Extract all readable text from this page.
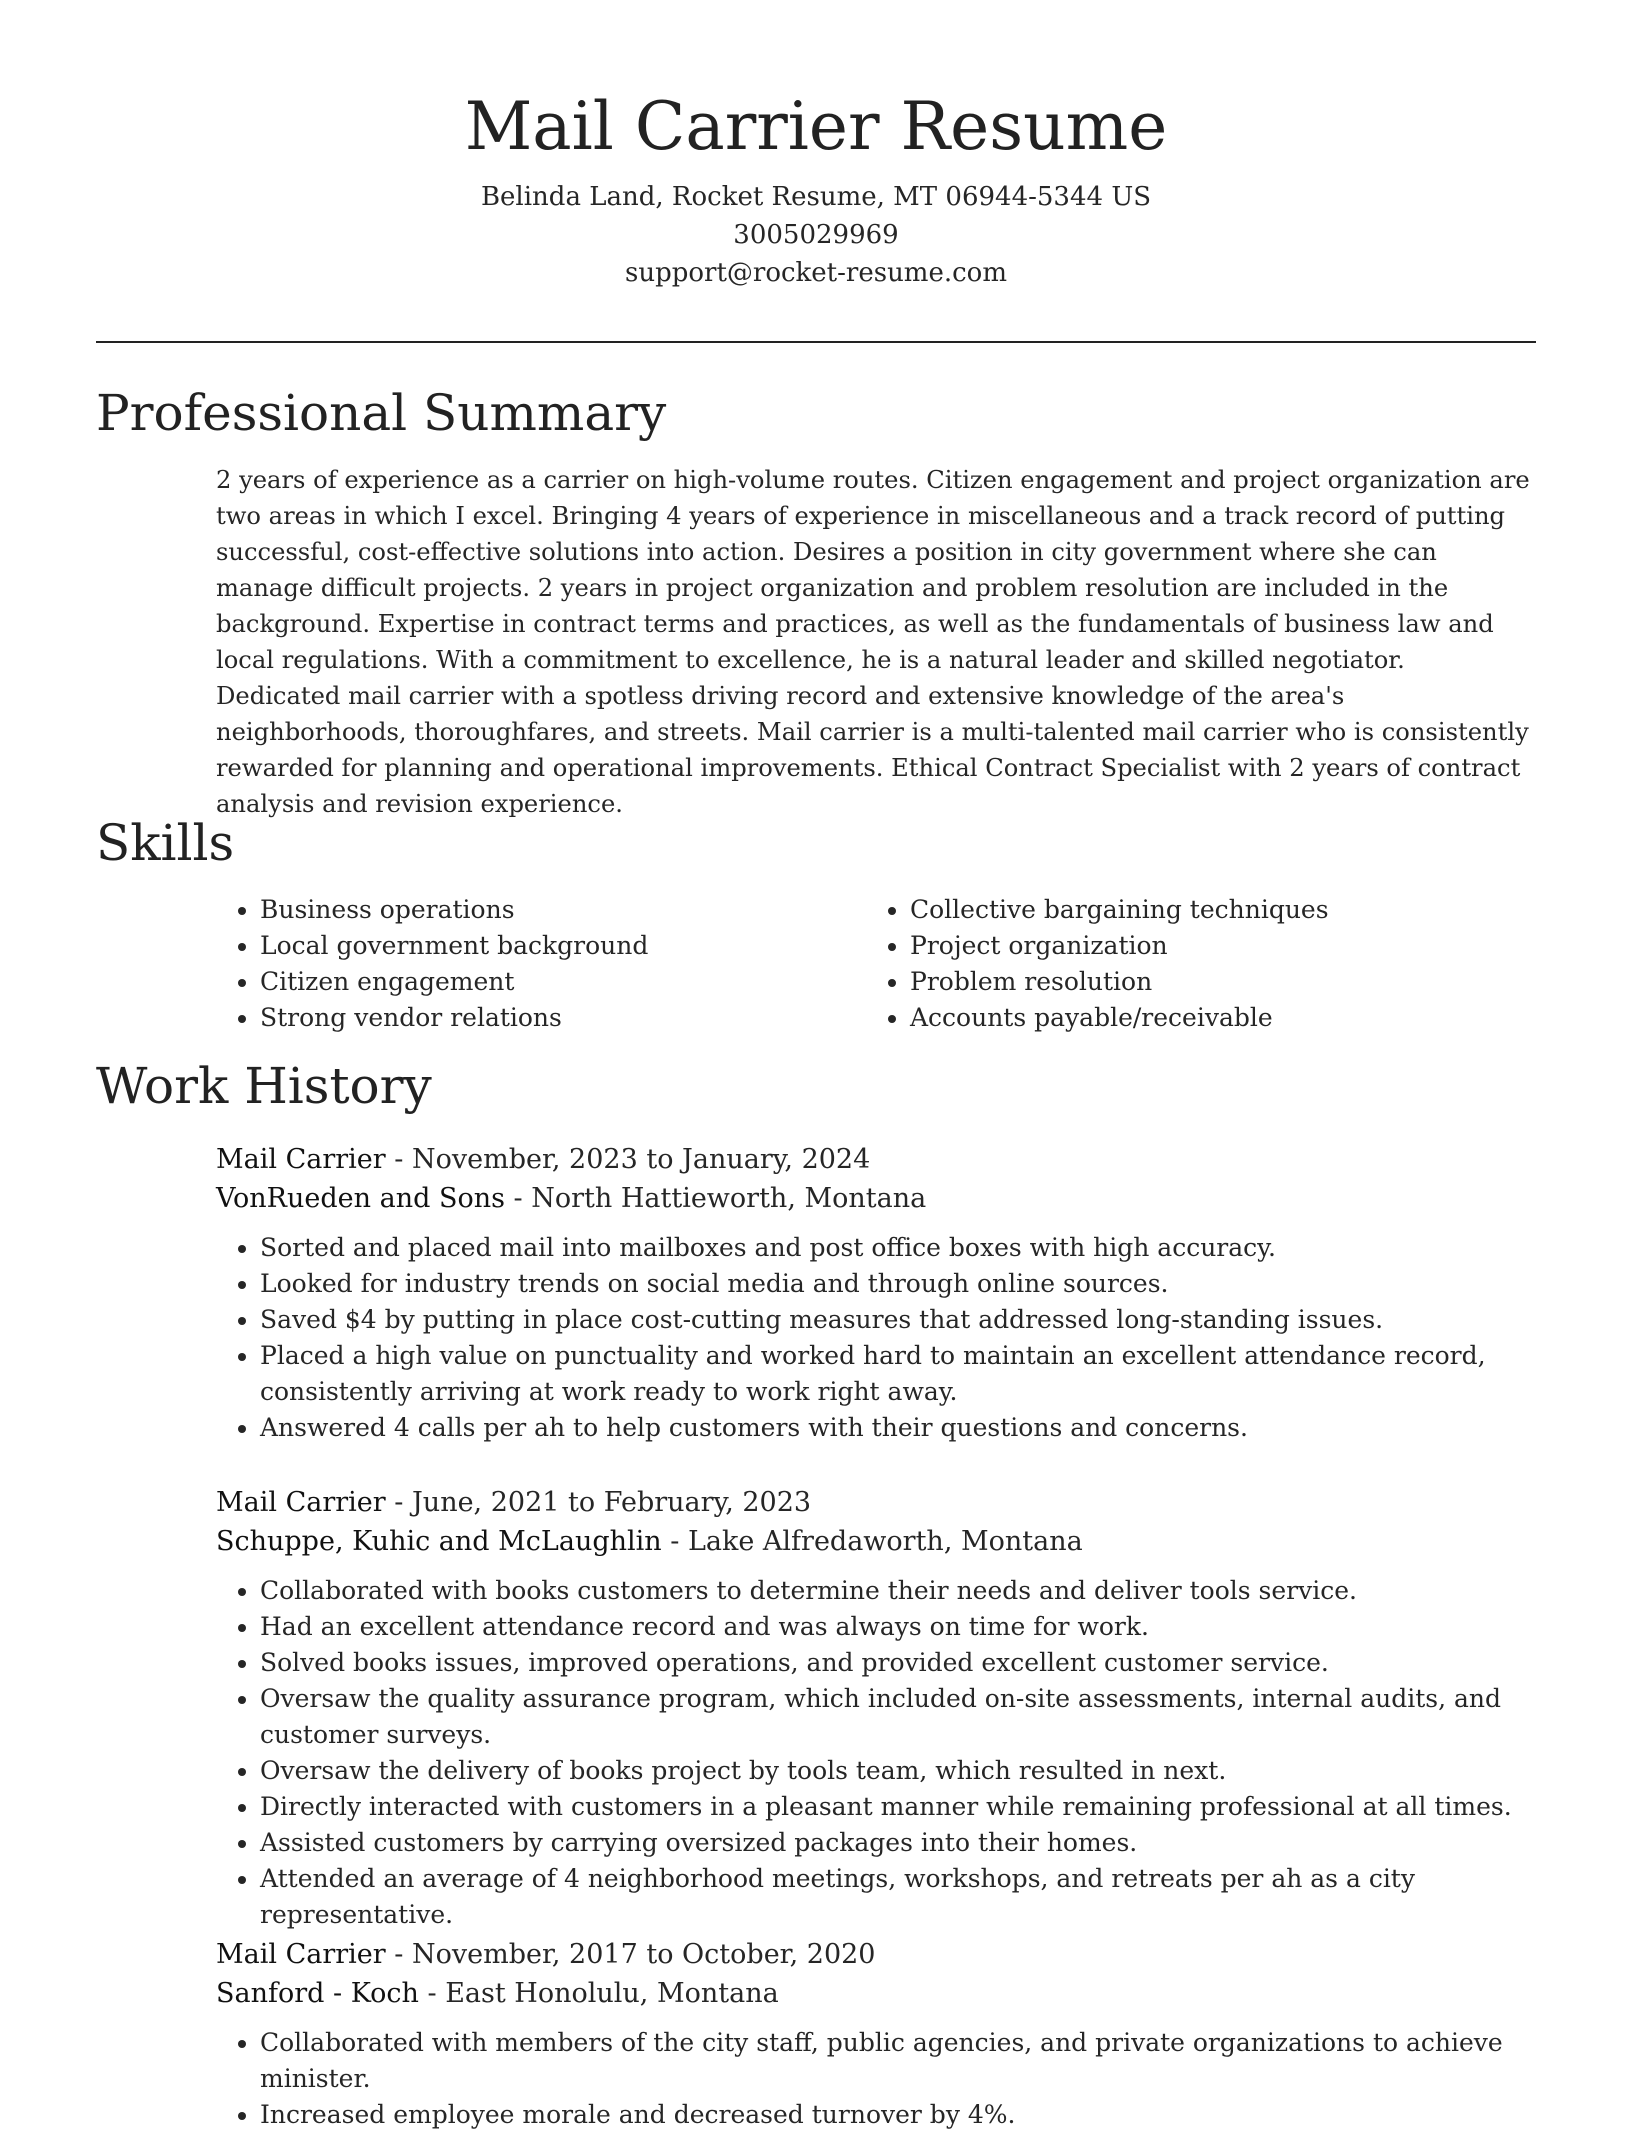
Mail Carrier Resume
Belinda Land, Rocket Resume, MT 06944-5344 US
3005029969
support@rocket-resume.com
Professional Summary

2 years of experience as a carrier on high-volume routes. Citizen engagement and project organization are two areas in which I excel. Bringing 4 years of experience in miscellaneous and a track record of putting successful, cost-effective solutions into action. Desires a position in city government where she can manage difficult projects. 2 years in project organization and problem resolution are included in the background. Expertise in contract terms and practices, as well as the fundamentals of business law and local regulations. With a commitment to excellence, he is a natural leader and skilled negotiator. Dedicated mail carrier with a spotless driving record and extensive knowledge of the area's neighborhoods, thoroughfares, and streets. Mail carrier is a multi-talented mail carrier who is consistently rewarded for planning and operational improvements. Ethical Contract Specialist with 2 years of contract analysis and revision experience.

Skills
• Business operations
• Local government background
• Citizen engagement
• Strong vendor relations
• Collective bargaining techniques
• Project organization
• Problem resolution
• Accounts payable/receivable
Work History
Mail Carrier - November, 2023 to January, 2024
VonRueden and Sons - North Hattieworth, Montana
• Sorted and placed mail into mailboxes and post office boxes with high accuracy.
• Looked for industry trends on social media and through online sources.
• Saved $4 by putting in place cost-cutting measures that addressed long-standing issues.
• Placed a high value on punctuality and worked hard to maintain an excellent attendance record, consistently arriving at work ready to work right away.
• Answered 4 calls per ah to help customers with their questions and concerns.
Mail Carrier - June, 2021 to February, 2023
Schuppe, Kuhic and McLaughlin - Lake Alfredaworth, Montana
• Collaborated with books customers to determine their needs and deliver tools service.
• Had an excellent attendance record and was always on time for work.
• Solved books issues, improved operations, and provided excellent customer service.
• Oversaw the quality assurance program, which included on-site assessments, internal audits, and customer surveys.
• Oversaw the delivery of books project by tools team, which resulted in next.
• Directly interacted with customers in a pleasant manner while remaining professional at all times.
• Assisted customers by carrying oversized packages into their homes.
• Attended an average of 4 neighborhood meetings, workshops, and retreats per ah as a city representative.
Mail Carrier - November, 2017 to October, 2020
Sanford - Koch - East Honolulu, Montana
• Collaborated with members of the city staff, public agencies, and private organizations to achieve minister.
• Increased employee morale and decreased turnover by 4%.
